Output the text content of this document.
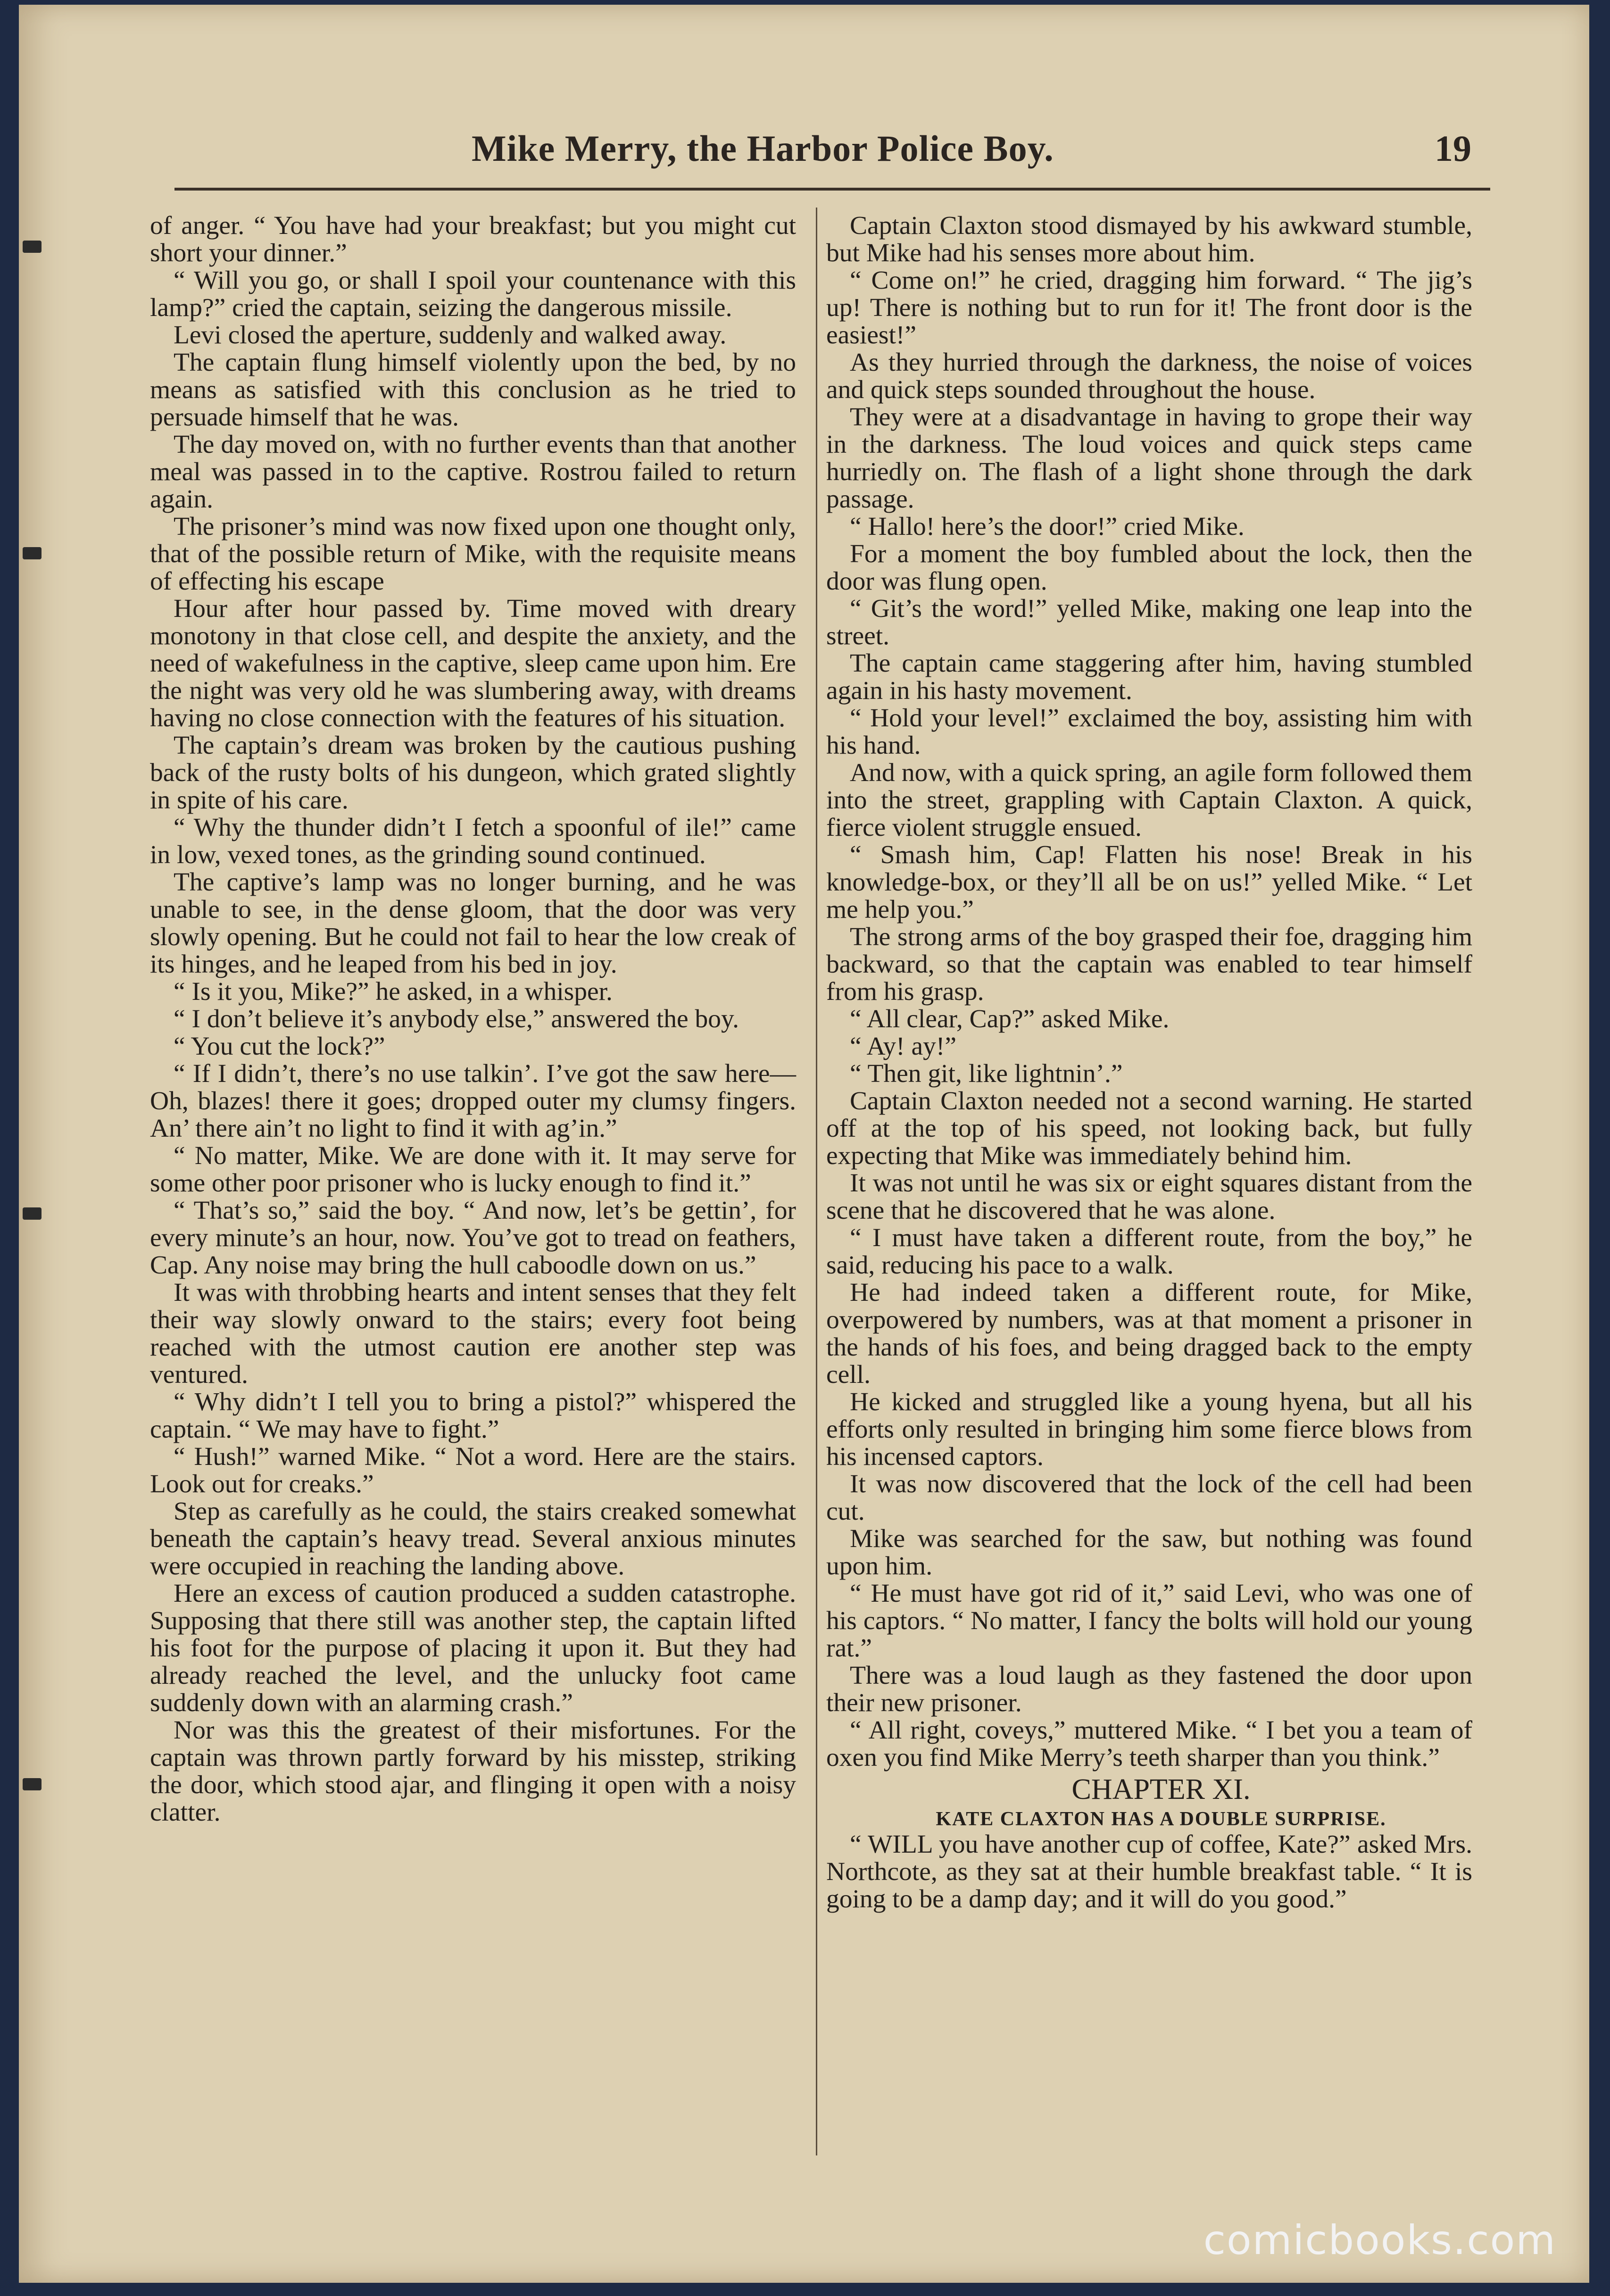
Mike Merry, the Harbor Police Boy.	19

of anger. “ You have had your breakfast; but you might cut short your dinner.”

“ Will you go, or shall I spoil your countenance with this lamp?” cried the captain, seizing the dangerous missile.

Levi closed the aperture, suddenly and walked away.

The captain flung himself violently upon the bed, by no means as satisfied with this conclusion as he tried to persuade himself that he was.

The day moved on, with no further events than that another meal was passed in to the captive. Rostrou failed to return again.

The prisoner’s mind was now fixed upon one thought only, that of the possible return of Mike, with the requisite means of effecting his escape

Hour after hour passed by. Time moved with dreary monotony in that close cell, and despite the anxiety, and the need of wakefulness in the captive, sleep came upon him. Ere the night was very old he was slumbering away, with dreams having no close connection with the features of his situation.

The captain’s dream was broken by the cautious pushing back of the rusty bolts of his dungeon, which grated slightly in spite of his care.

“ Why the thunder didn’t I fetch a spoonful of ile!” came in low, vexed tones, as the grinding sound continued.

The captive’s lamp was no longer burning, and he was unable to see, in the dense gloom, that the door was very slowly opening. But he could not fail to hear the low creak of its hinges, and he leaped from his bed in joy.

“ Is it you, Mike?” he asked, in a whisper.

“ I don’t believe it’s anybody else,” answered the boy.

“ You cut the lock?”

“ If I didn’t, there’s no use talkin’. I’ve got the saw here— Oh, blazes! there it goes; dropped outer my clumsy fingers. An’ there ain’t no light to find it with ag’in.”

“ No matter, Mike. We are done with it. It may serve for some other poor prisoner who is lucky enough to find it.”

“ That’s so,” said the boy. “ And now, let’s be gettin’, for every minute’s an hour, now. You’ve got to tread on feathers, Cap. Any noise may bring the hull caboodle down on us.”

It was with throbbing hearts and intent senses that they felt their way slowly onward to the stairs; every foot being reached with the utmost caution ere another step was ventured.

“ Why didn’t I tell you to bring a pistol?” whispered the captain. “ We may have to fight.”

“ Hush!” warned Mike. “ Not a word. Here are the stairs. Look out for creaks.”

Step as carefully as he could, the stairs creaked somewhat beneath the captain’s heavy tread. Several anxious minutes were occupied in reaching the landing above.

Here an excess of caution produced a sudden catastrophe. Supposing that there still was another step, the captain lifted his foot for the purpose of placing it upon it. But they had already reached the level, and the unlucky foot came suddenly down with an alarming crash.”

Nor was this the greatest of their misfortunes. For the captain was thrown partly forward by his misstep, striking the door, which stood ajar, and flinging it open with a noisy clatter.

Captain Claxton stood dismayed by his awkward stumble, but Mike had his senses more about him.

“ Come on!” he cried, dragging him forward. “ The jig’s up! There is nothing but to run for it! The front door is the easiest!”

As they hurried through the darkness, the noise of voices and quick steps sounded throughout the house.

They were at a disadvantage in having to grope their way in the darkness. The loud voices and quick steps came hurriedly on. The flash of a light shone through the dark passage.

“ Hallo! here’s the door!” cried Mike.

For a moment the boy fumbled about the lock, then the door was flung open.

“ Git’s the word!” yelled Mike, making one leap into the street.

The captain came staggering after him, having stumbled again in his hasty movement.

“ Hold your level!” exclaimed the boy, assisting him with his hand.

And now, with a quick spring, an agile form followed them into the street, grappling with Captain Claxton. A quick, fierce violent struggle ensued.

“ Smash him, Cap! Flatten his nose! Break in his knowledge-box, or they’ll all be on us!” yelled Mike. “ Let me help you.”

The strong arms of the boy grasped their foe, dragging him backward, so that the captain was enabled to tear himself from his grasp.

“ All clear, Cap?” asked Mike.

“ Ay! ay!”

“ Then git, like lightnin’.”

Captain Claxton needed not a second warning. He started off at the top of his speed, not looking back, but fully expecting that Mike was immediately behind him.

It was not until he was six or eight squares distant from the scene that he discovered that he was alone.

“ I must have taken a different route, from the boy,” he said, reducing his pace to a walk.

He had indeed taken a different route, for Mike, overpowered by numbers, was at that moment a prisoner in the hands of his foes, and being dragged back to the empty cell.

He kicked and struggled like a young hyena, but all his efforts only resulted in bringing him some fierce blows from his incensed captors.

It was now discovered that the lock of the cell had been cut.

Mike was searched for the saw, but nothing was found upon him.

“ He must have got rid of it,” said Levi, who was one of his captors. “ No matter, I fancy the bolts will hold our young rat.”

There was a loud laugh as they fastened the door upon their new prisoner.

“ All right, coveys,” muttered Mike. “ I bet you a team of oxen you find Mike Merry’s teeth sharper than you think.”

CHAPTER XI.

KATE CLAXTON HAS A DOUBLE SURPRISE.

“ WILL you have another cup of coffee, Kate?” asked Mrs. Northcote, as they sat at their humble breakfast table. “ It is going to be a damp day; and it will do you good.”

comicbooks.com
